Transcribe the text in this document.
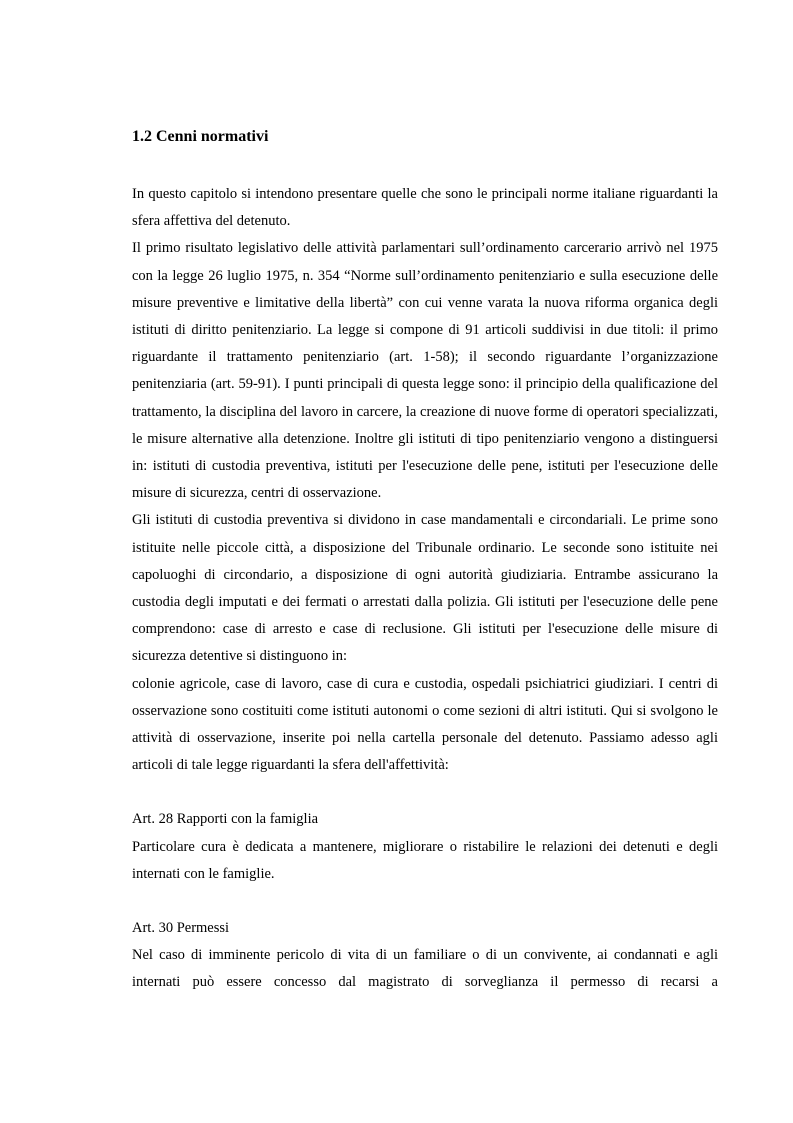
1.2 Cenni normativi

In questo capitolo si intendono presentare quelle che sono le principali norme italiane riguardanti la sfera affettiva del detenuto.

Il primo risultato legislativo delle attività parlamentari sull’ordinamento carcerario arrivò nel 1975 con la legge 26 luglio 1975, n. 354 “Norme sull’ordinamento penitenziario e sulla esecuzione delle misure preventive e limitative della libertà” con cui venne varata la nuova riforma organica degli istituti di diritto penitenziario. La legge si compone di 91 articoli suddivisi in due titoli: il primo riguardante il trattamento penitenziario (art. 1-58); il secondo riguardante l’organizzazione penitenziaria (art. 59-91). I punti principali di questa legge sono: il principio della qualificazione del trattamento, la disciplina del lavoro in carcere, la creazione di nuove forme di operatori specializzati, le misure alternative alla detenzione. Inoltre gli istituti di tipo penitenziario vengono a distinguersi in: istituti di custodia preventiva, istituti per l'esecuzione delle pene, istituti per l'esecuzione delle misure di sicurezza, centri di osservazione.

Gli istituti di custodia preventiva si dividono in case mandamentali e circondariali. Le prime sono istituite nelle piccole città, a disposizione del Tribunale ordinario. Le seconde sono istituite nei capoluoghi di circondario, a disposizione di ogni autorità giudiziaria. Entrambe assicurano la custodia degli imputati e dei fermati o arrestati dalla polizia. Gli istituti per l'esecuzione delle pene comprendono: case di arresto e case di reclusione. Gli istituti per l'esecuzione delle misure di sicurezza detentive si distinguono in:

colonie agricole, case di lavoro, case di cura e custodia, ospedali psichiatrici giudiziari. I centri di osservazione sono costituiti come istituti autonomi o come sezioni di altri istituti. Qui si svolgono le attività di osservazione, inserite poi nella cartella personale del detenuto. Passiamo adesso agli articoli di tale legge riguardanti la sfera dell'affettività:

Art. 28 Rapporti con la famiglia

Particolare cura è dedicata a mantenere, migliorare o ristabilire le relazioni dei detenuti e degli internati con le famiglie.

Art. 30 Permessi

Nel caso di imminente pericolo di vita di un familiare o di un convivente, ai condannati e agli internati può essere concesso dal magistrato di sorveglianza il permesso di recarsi a
